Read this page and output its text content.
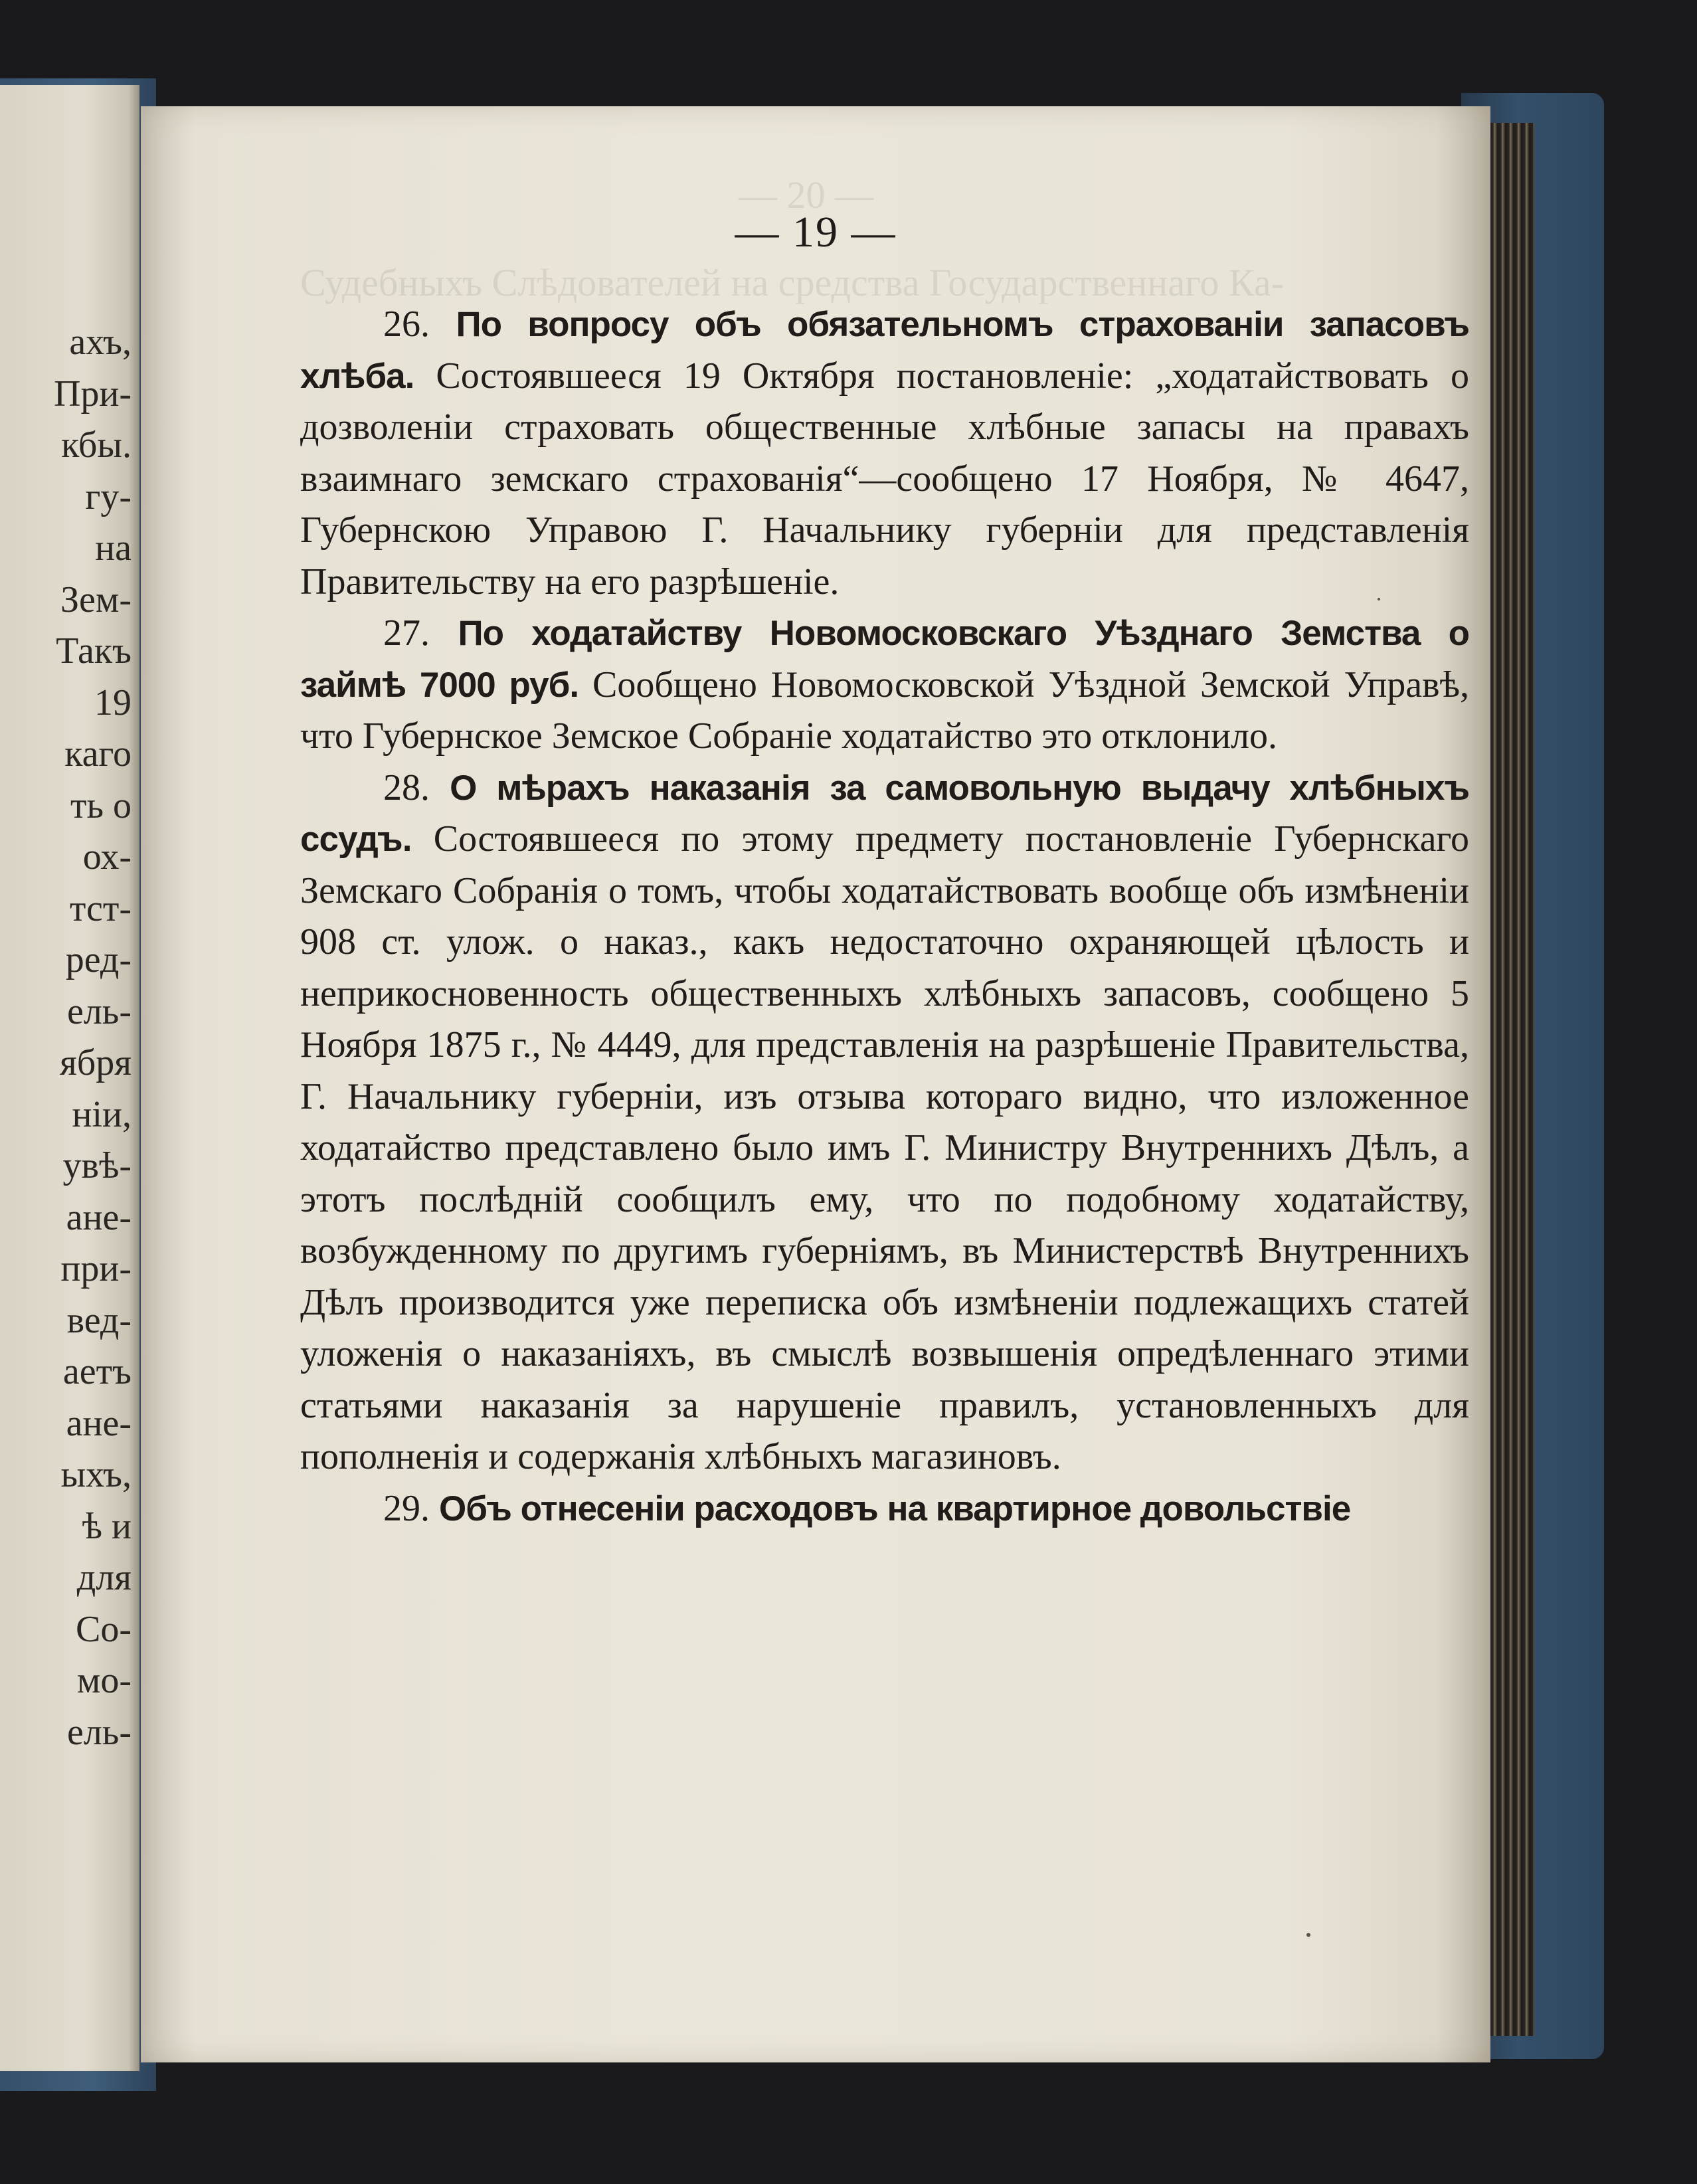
ахъ,
При-
кбы.
гу-
на
Зем-
Такъ
19
каго
ть о
ох-
тст-
ред-
ель-
ября
ніи,
увѣ-
ане-
при-
вед-
аетъ
ане-
ыхъ,
ѣ и
для
Со-
мо-
ель-
— 20 —
Судебныхъ Слѣдователей на средства Государственнаго Ка-
— 19 —

26. По вопросу объ обязательномъ страхованіи запасовъ хлѣба. Состоявшееся 19 Октября постановленіе: „ходатайствовать о дозволеніи страховать общественные хлѣбные запасы на правахъ взаимнаго земскаго страхованія“—сообщено 17 Ноября, № 4647, Губернскою Управою Г. Начальнику губерніи для представленія Правительству на его разрѣшеніе.

27. По ходатайству Новомосковскаго Уѣзднаго Земства о займѣ 7000 руб. Сообщено Новомосковской Уѣздной Земской Управѣ, что Губернское Земское Собраніе ходатайство это отклонило.

28. О мѣрахъ наказанія за самовольную выдачу хлѣбныхъ ссудъ. Состоявшееся по этому предмету постановленіе Губернскаго Земскаго Собранія о томъ, чтобы ходатайствовать вообще объ измѣненіи 908 ст. улож. о наказ., какъ недостаточно охраняющей цѣлость и неприкосновенность общественныхъ хлѣбныхъ запасовъ, сообщено 5 Ноября 1875 г., № 4449, для представленія на разрѣшеніе Правительства, Г. Начальнику губерніи, изъ отзыва котораго видно, что изложенное ходатайство представлено было имъ Г. Министру Внутреннихъ Дѣлъ, а этотъ послѣдній сообщилъ ему, что по подобному ходатайству, возбужденному по другимъ губерніямъ, въ Министерствѣ Внутреннихъ Дѣлъ производится уже переписка объ измѣненіи подлежащихъ статей уложенія о наказаніяхъ, въ смыслѣ возвышенія опредѣленнаго этими статьями наказанія за нарушеніе правилъ, установленныхъ для пополненія и содержанія хлѣбныхъ магазиновъ.

29. Объ отнесеніи расходовъ на квартирное довольствіе
